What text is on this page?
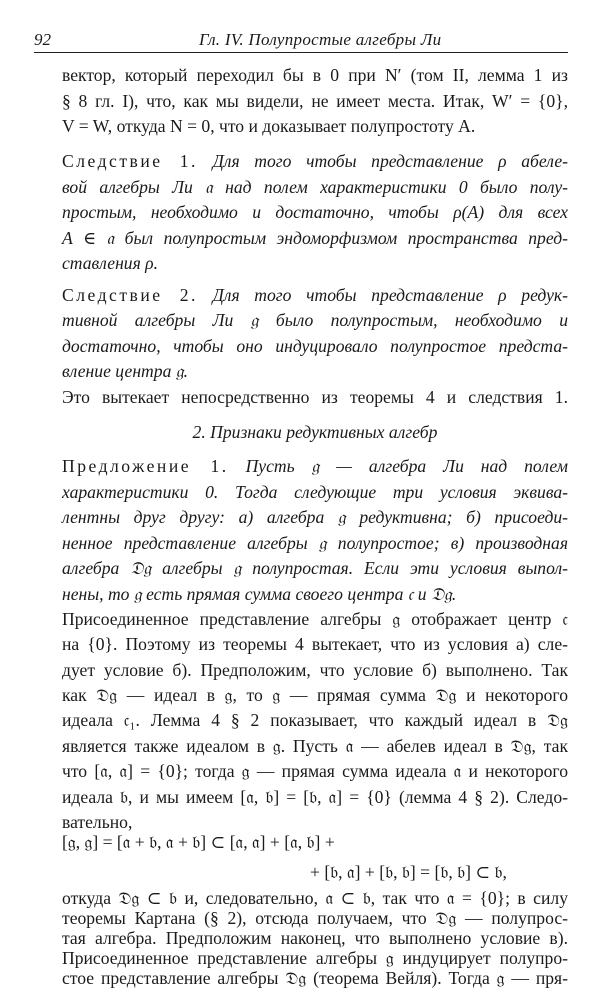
92	Гл. IV. Полупростые алгебры Ли
вектор, который переходил бы в 0 при N′ (том II, лемма 1 из
§ 8 гл. I), что, как мы видели, не имеет места. Итак, W′ = {0},
V = W, откуда N = 0, что и доказывает полупростоту A.
Следствие 1. Для того чтобы представление ρ абеле-
вой алгебры Ли 𝔞 над полем характеристики 0 было полу-
простым, необходимо и достаточно, чтобы ρ(A) для всех
A ∈ 𝔞 был полупростым эндоморфизмом пространства пред-
ставления ρ.
Следствие 2. Для того чтобы представление ρ редук-
тивной алгебры Ли 𝔤 было полупростым, необходимо и
достаточно, чтобы оно индуцировало полупростое предста-
вление центра 𝔤.
Это вытекает непосредственно из теоремы 4 и следствия 1.
2. Признаки редуктивных алгебр
Предложение 1. Пусть 𝔤 — алгебра Ли над полем
характеристики 0. Тогда следующие три условия эквива-
лентны друг другу: а) алгебра 𝔤 редуктивна; б) присоеди-
ненное представление алгебры 𝔤 полупростое; в) производная
алгебра 𝔇𝔤 алгебры 𝔤 полупростая. Если эти условия выпол-
нены, то 𝔤 есть прямая сумма своего центра 𝔠 и 𝔇𝔤.
Присоединенное представление алгебры 𝔤 отображает центр 𝔠
на {0}. Поэтому из теоремы 4 вытекает, что из условия а) сле-
дует условие б). Предположим, что условие б) выполнено. Так
как 𝔇𝔤 — идеал в 𝔤, то 𝔤 — прямая сумма 𝔇𝔤 и некоторого
идеала 𝔠₁. Лемма 4 § 2 показывает, что каждый идеал в 𝔇𝔤
является также идеалом в 𝔤. Пусть 𝔞 — абелев идеал в 𝔇𝔤, так
что [𝔞, 𝔞] = {0}; тогда 𝔤 — прямая сумма идеала 𝔞 и некоторого
идеала 𝔟, и мы имеем [𝔞, 𝔟] = [𝔟, 𝔞] = {0} (лемма 4 § 2). Следо-
вательно,
[𝔤, 𝔤] = [𝔞 + 𝔟, 𝔞 + 𝔟] ⊂ [𝔞, 𝔞] + [𝔞, 𝔟] +
+ [𝔟, 𝔞] + [𝔟, 𝔟] = [𝔟, 𝔟] ⊂ 𝔟,
откуда 𝔇𝔤 ⊂ 𝔟 и, следовательно, 𝔞 ⊂ 𝔟, так что 𝔞 = {0}; в силу
теоремы Картана (§ 2), отсюда получаем, что 𝔇𝔤 — полупрос-
тая алгебра. Предположим наконец, что выполнено условие в).
Присоединенное представление алгебры 𝔤 индуцирует полупро-
стое представление алгебры 𝔇𝔤 (теорема Вейля). Тогда 𝔤 — пря-
